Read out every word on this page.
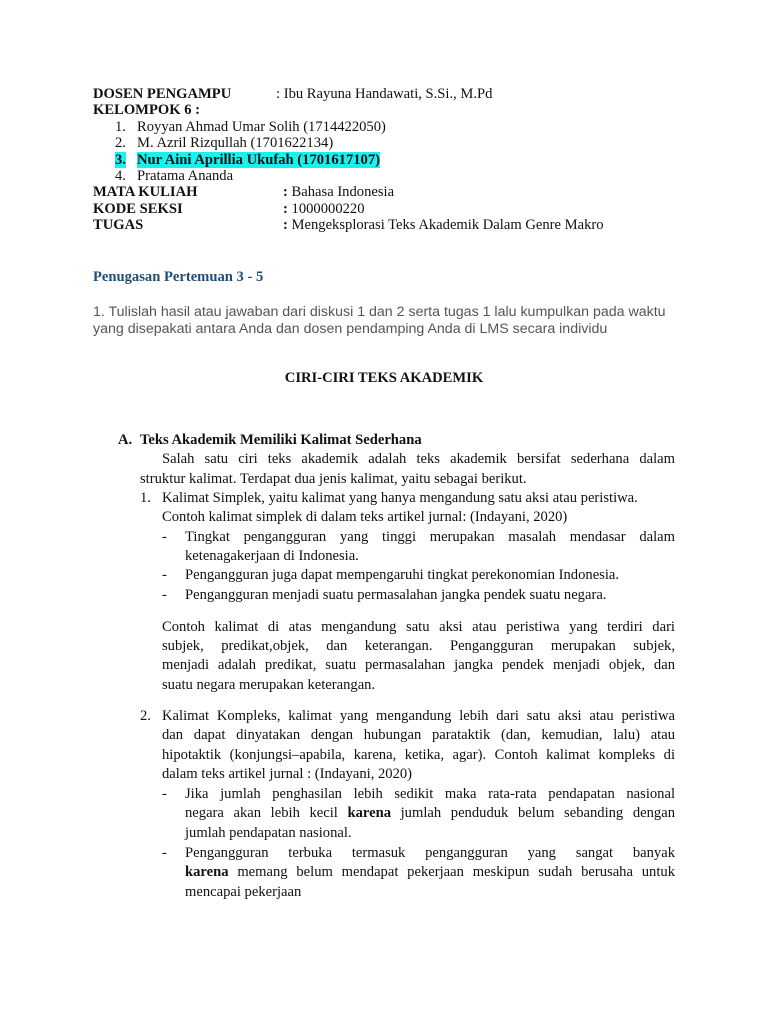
DOSEN PENGAMPU	: Ibu Rayuna Handawati, S.Si., M.Pd
KELOMPOK 6 :
1. Royyan Ahmad Umar Solih (1714422050)
2. M. Azril Rizqullah (1701622134)
3. Nur Aini Aprillia Ukufah (1701617107)
4. Pratama Ananda
MATA KULIAH	: Bahasa Indonesia
KODE SEKSI	: 1000000220
TUGAS	: Mengeksplorasi Teks Akademik Dalam Genre Makro
Penugasan Pertemuan 3 - 5
1. Tulislah hasil atau jawaban dari diskusi 1 dan 2 serta tugas 1 lalu kumpulkan pada waktu yang disepakati antara Anda dan dosen pendamping Anda di LMS secara individu
CIRI-CIRI TEKS AKADEMIK
A. Teks Akademik Memiliki Kalimat Sederhana
Salah satu ciri teks akademik adalah teks akademik bersifat sederhana dalam
struktur kalimat. Terdapat dua jenis kalimat, yaitu sebagai berikut.
1. Kalimat Simplek, yaitu kalimat yang hanya mengandung satu aksi atau peristiwa.
Contoh kalimat simplek di dalam teks artikel jurnal: (Indayani, 2020)
- Tingkat pengangguran yang tinggi merupakan masalah mendasar dalam
ketenagakerjaan di Indonesia.
- Pengangguran juga dapat mempengaruhi tingkat perekonomian Indonesia.
- Pengangguran menjadi suatu permasalahan jangka pendek suatu negara.
Contoh kalimat di atas mengandung satu aksi atau peristiwa yang terdiri dari
subjek, predikat,objek, dan keterangan. Pengangguran merupakan subjek,
menjadi adalah predikat, suatu permasalahan jangka pendek menjadi objek, dan
suatu negara merupakan keterangan.
2. Kalimat Kompleks, kalimat yang mengandung lebih dari satu aksi atau peristiwa
dan dapat dinyatakan dengan hubungan parataktik (dan, kemudian, lalu) atau
hipotaktik (konjungsi–apabila, karena, ketika, agar). Contoh kalimat kompleks di
dalam teks artikel jurnal : (Indayani, 2020)
- Jika jumlah penghasilan lebih sedikit maka rata-rata pendapatan nasional
negara akan lebih kecil karena jumlah penduduk belum sebanding dengan
jumlah pendapatan nasional.
- Pengangguran terbuka termasuk pengangguran yang sangat banyak
karena memang belum mendapat pekerjaan meskipun sudah berusaha untuk
mencapai pekerjaan
